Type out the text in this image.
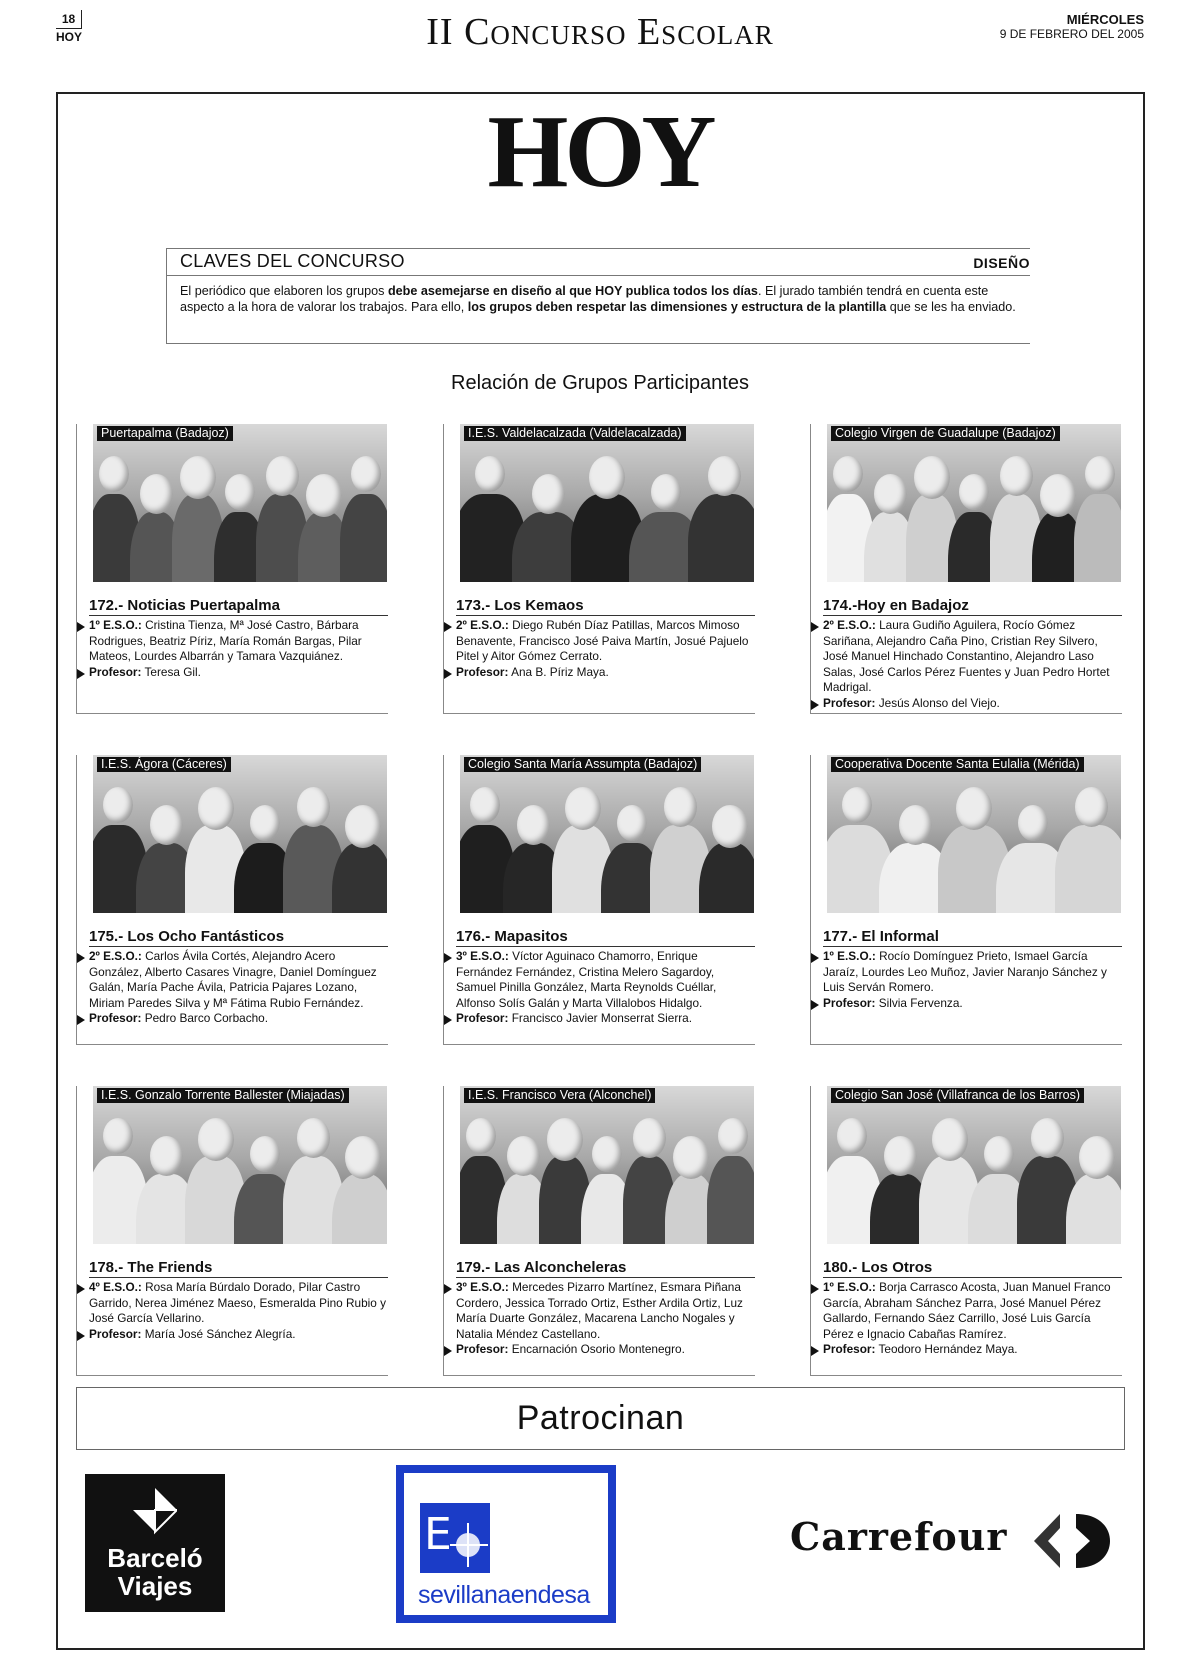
18
HOY	II Concurso Escolar	MIÉRCOLES
9 DE FEBRERO DEL 2005
HOY
CLAVES DEL CONCURSO	DISEÑO
El periódico que elaboren los grupos debe asemejarse en diseño al que HOY publica todos los días. El jurado también tendrá en cuenta este aspecto a la hora de valorar los trabajos. Para ello, los grupos deben respetar las dimensiones y estructura de la plantilla que se les ha enviado.
Relación de Grupos Participantes
Puertapalma (Badajoz)
172.- Noticias Puertapalma

1º E.S.O.: Cristina Tienza, Mª José Castro, Bárbara Rodrigues, Beatriz Píriz, María Román Bargas, Pilar Mateos, Lourdes Albarrán y Tamara Vazquiánez.

Profesor: Teresa Gil.

I.E.S. Valdelacalzada (Valdelacalzada)
173.- Los Kemaos

2º E.S.O.: Diego Rubén Díaz Patillas, Marcos Mimoso Benavente, Francisco José Paiva Martín, Josué Pajuelo Pitel y Aitor Gómez Cerrato.

Profesor: Ana B. Píriz Maya.

Colegio Virgen de Guadalupe (Badajoz)
174.-Hoy en Badajoz

2º E.S.O.: Laura Gudiño Aguilera, Rocío Gómez Sariñana, Alejandro Caña Pino, Cristian Rey Silvero, José Manuel Hinchado Constantino, Alejandro Laso Salas, José Carlos Pérez Fuentes y Juan Pedro Hortet Madrigal.

Profesor: Jesús Alonso del Viejo.

I.E.S. Ágora (Cáceres)
175.- Los Ocho Fantásticos

2º E.S.O.: Carlos Ávila Cortés, Alejandro Acero González, Alberto Casares Vinagre, Daniel Domínguez Galán, María Pache Ávila, Patricia Pajares Lozano, Miriam Paredes Silva y Mª Fátima Rubio Fernández.

Profesor: Pedro Barco Corbacho.

Colegio Santa María Assumpta (Badajoz)
176.- Mapasitos

3º E.S.O.: Víctor Aguinaco Chamorro, Enrique Fernández Fernández, Cristina Melero Sagardoy, Samuel Pinilla González, Marta Reynolds Cuéllar, Alfonso Solís Galán y Marta Villalobos Hidalgo.

Profesor: Francisco Javier Monserrat Sierra.

Cooperativa Docente Santa Eulalia (Mérida)
177.- El Informal

1º E.S.O.: Rocío Domínguez Prieto, Ismael García Jaraíz, Lourdes Leo Muñoz, Javier Naranjo Sánchez y Luis Serván Romero.

Profesor: Silvia Fervenza.

I.E.S. Gonzalo Torrente Ballester (Miajadas)
178.- The Friends

4º E.S.O.: Rosa María Búrdalo Dorado, Pilar Castro Garrido, Nerea Jiménez Maeso, Esmeralda Pino Rubio y José García Vellarino.

Profesor: María José Sánchez Alegría.

I.E.S. Francisco Vera (Alconchel)
179.- Las Alconcheleras

3º E.S.O.: Mercedes Pizarro Martínez, Esmara Piñana Cordero, Jessica Torrado Ortiz, Esther Ardila Ortiz, Luz María Duarte González, Macarena Lancho Nogales y Natalia Méndez Castellano.

Profesor: Encarnación Osorio Montenegro.

Colegio San José (Villafranca de los Barros)
180.- Los Otros

1º E.S.O.: Borja Carrasco Acosta, Juan Manuel Franco García, Abraham Sánchez Parra, José Manuel Pérez Gallardo, Fernando Sáez Carrillo, José Luis García Pérez e Ignacio Cabañas Ramírez.

Profesor: Teodoro Hernández Maya.

Patrocinan
Barceló
Viajes
E
sevillanaendesa
Carrefour
